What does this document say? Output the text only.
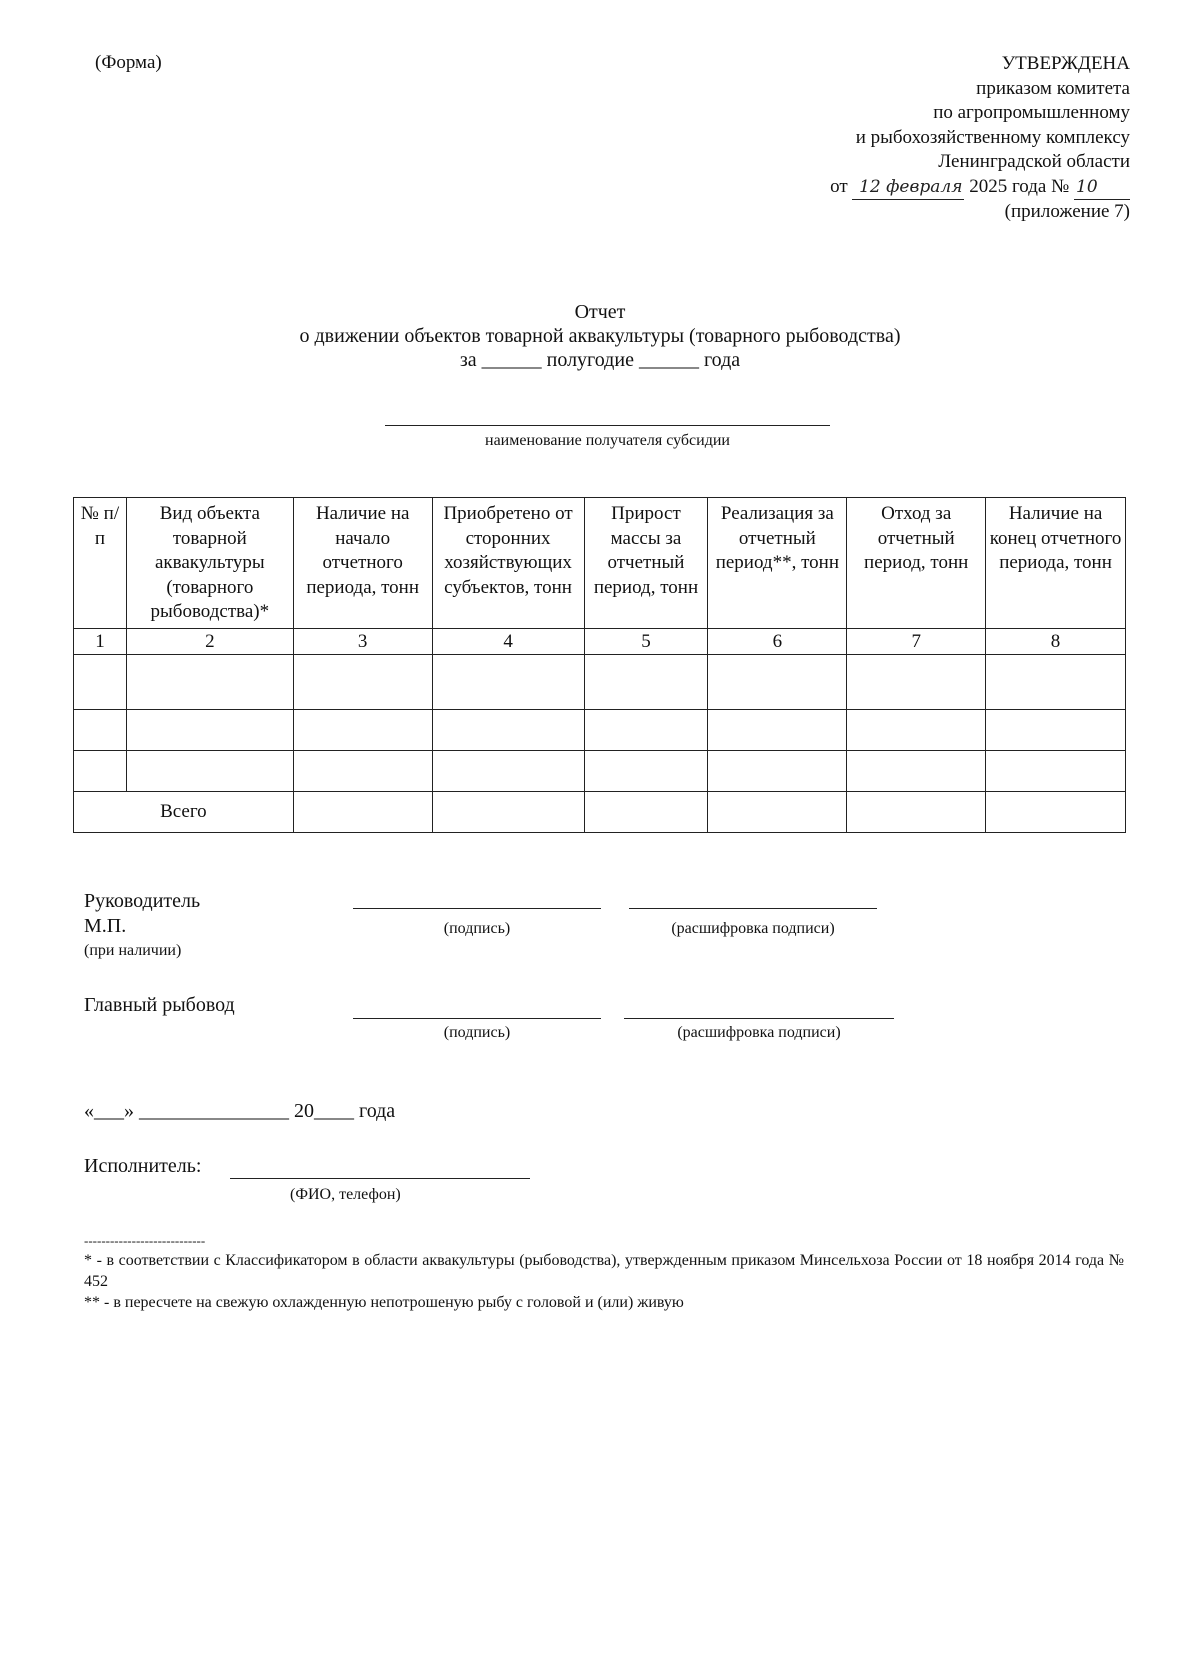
(Форма)	УТВЕРЖДЕНА
приказом комитета
по агропромышленному
и рыбохозяйственному комплексу
Ленинградской области
от 12 февраля 2025 года № 10
(приложение 7)
Отчет
о движении объектов товарной аквакультуры (товарного рыбоводства)
за ______ полугодие ______ года
наименование получателя субсидии
№ п/п	Вид объекта товарной аквакультуры (товарного рыбоводства)*	Наличие на начало отчетного периода, тонн	Приобретено от сторонних хозяйствующих субъектов, тонн	Прирост массы за отчетный период, тонн	Реализация за отчетный период**, тонн	Отход за отчетный период, тонн	Наличие на конец отчетного периода, тонн
1	2	3	4	5	6	7	8

Всего							
Руководитель
М.П.
(при наличии)
(подпись)	(расшифровка подписи)
Главный рыбовод
(подпись)	(расшифровка подписи)
«___» _______________ 20____ года
Исполнитель:
(ФИО, телефон)
----------------------------
* - в соответствии с Классификатором в области аквакультуры (рыбоводства), утвержденным приказом Минсельхоза России от 18 ноября 2014 года № 452
** - в пересчете на свежую охлажденную непотрошеную рыбу с головой и (или) живую
